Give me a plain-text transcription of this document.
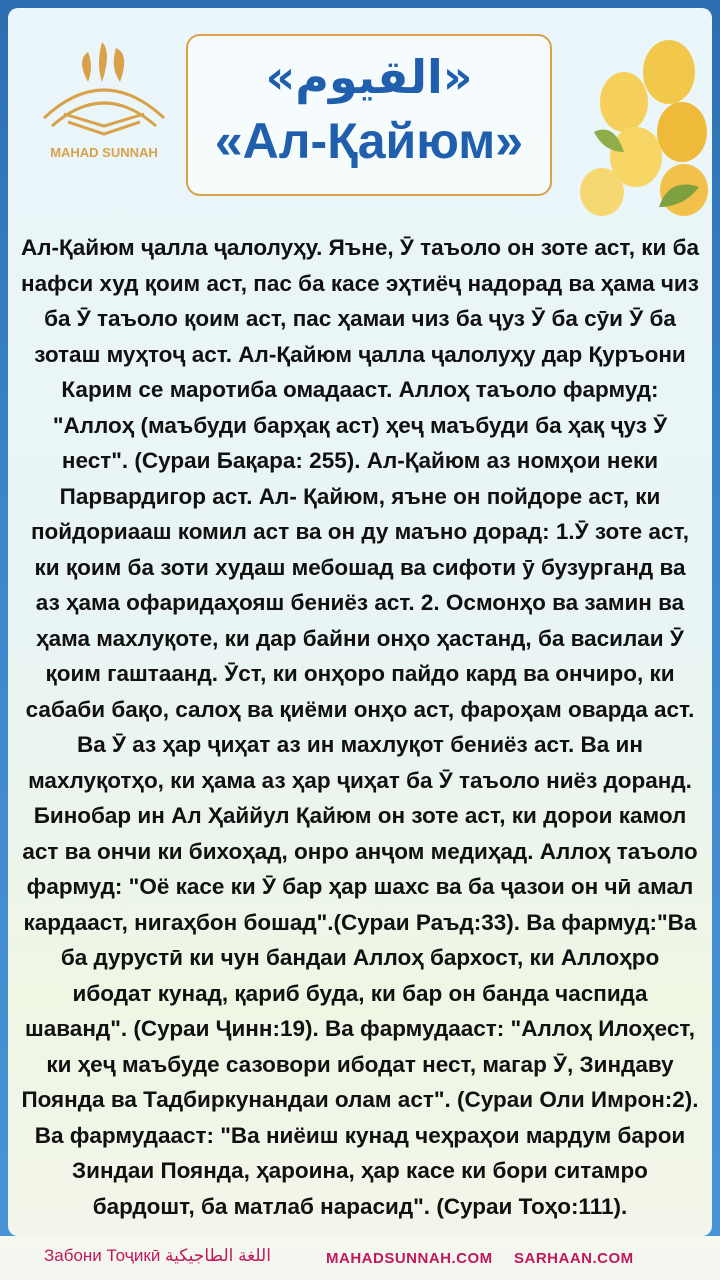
MAHAD SUNNAH
«القيوم»
«Ал-Қайюм»
Ал-Қайюм ҷалла ҷалолуҳу. Яъне, Ӯ таъоло он зоте аст, ки ба нафси худ қоим аст, пас ба касе эҳтиёҷ надорад ва ҳама чиз ба Ӯ таъоло қоим аст, пас ҳамаи чиз ба ҷуз Ӯ ба сӯи Ӯ ба зоташ муҳтоҷ аст. Ал-Қайюм ҷалла ҷалолуҳу дар Қуръони Карим се маротиба омадааст. Аллоҳ таъоло фармуд: "Аллоҳ (маъбуди барҳақ аст) ҳеҷ маъбуди ба ҳақ ҷуз Ӯ нест". (Сураи Бақара: 255). Ал-Қайюм аз номҳои неки Парвардигор аст. Ал- Қайюм, яъне он пойдоре аст, ки пойдориааш комил аст ва он ду маъно дорад: 1.Ӯ зоте аст, ки қоим ба зоти худаш мебошад ва сифоти ӯ бузурганд ва аз ҳама офаридаҳояш бениёз аст. 2. Осмонҳо ва замин ва ҳама махлуқоте, ки дар байни онҳо ҳастанд, ба василаи Ӯ қоим гаштаанд. Ӯст, ки онҳоро пайдо кард ва ончиро, ки сабаби бақо, салоҳ ва қиёми онҳо аст, фароҳам оварда аст. Ва Ӯ аз ҳар ҷиҳат аз ин махлуқот бениёз аст. Ва ин махлуқотҳо, ки ҳама аз ҳар ҷиҳат ба Ӯ таъоло ниёз доранд. Бинобар ин Ал Ҳаййул Қайюм он зоте аст, ки дорои камол аст ва ончи ки бихоҳад, онро анҷом медиҳад. Аллоҳ таъоло фармуд: "Оё касе ки Ӯ бар ҳар шахс ва ба ҷазои он чӣ амал кардааст, нигаҳбон бошад".(Сураи Раъд:33). Ва фармуд:"Ва ба дурустӣ ки чун бандаи Аллоҳ бархост, ки Аллоҳро ибодат кунад, қариб буда, ки бар он банда часпида шаванд". (Сураи Ҷинн:19). Ва фармудааст: "Аллоҳ Илоҳест, ки ҳеҷ маъбуде сазовори ибодат нест, магар Ӯ, Зиндаву Поянда ва Тадбиркунандаи олам аст". (Сураи Оли Имрон:2). Ва фармудааст: "Ва ниёиш кунад чеҳраҳои мардум барои Зиндаи Поянда, ҳароина, ҳар касе ки бори ситамро бардошт, ба матлаб нарасид". (Сураи Тоҳо:111).
Забони Тоҷикӣ اللغة الطاجيكية	MAHADSUNNAH.COM SARHAAN.COM
